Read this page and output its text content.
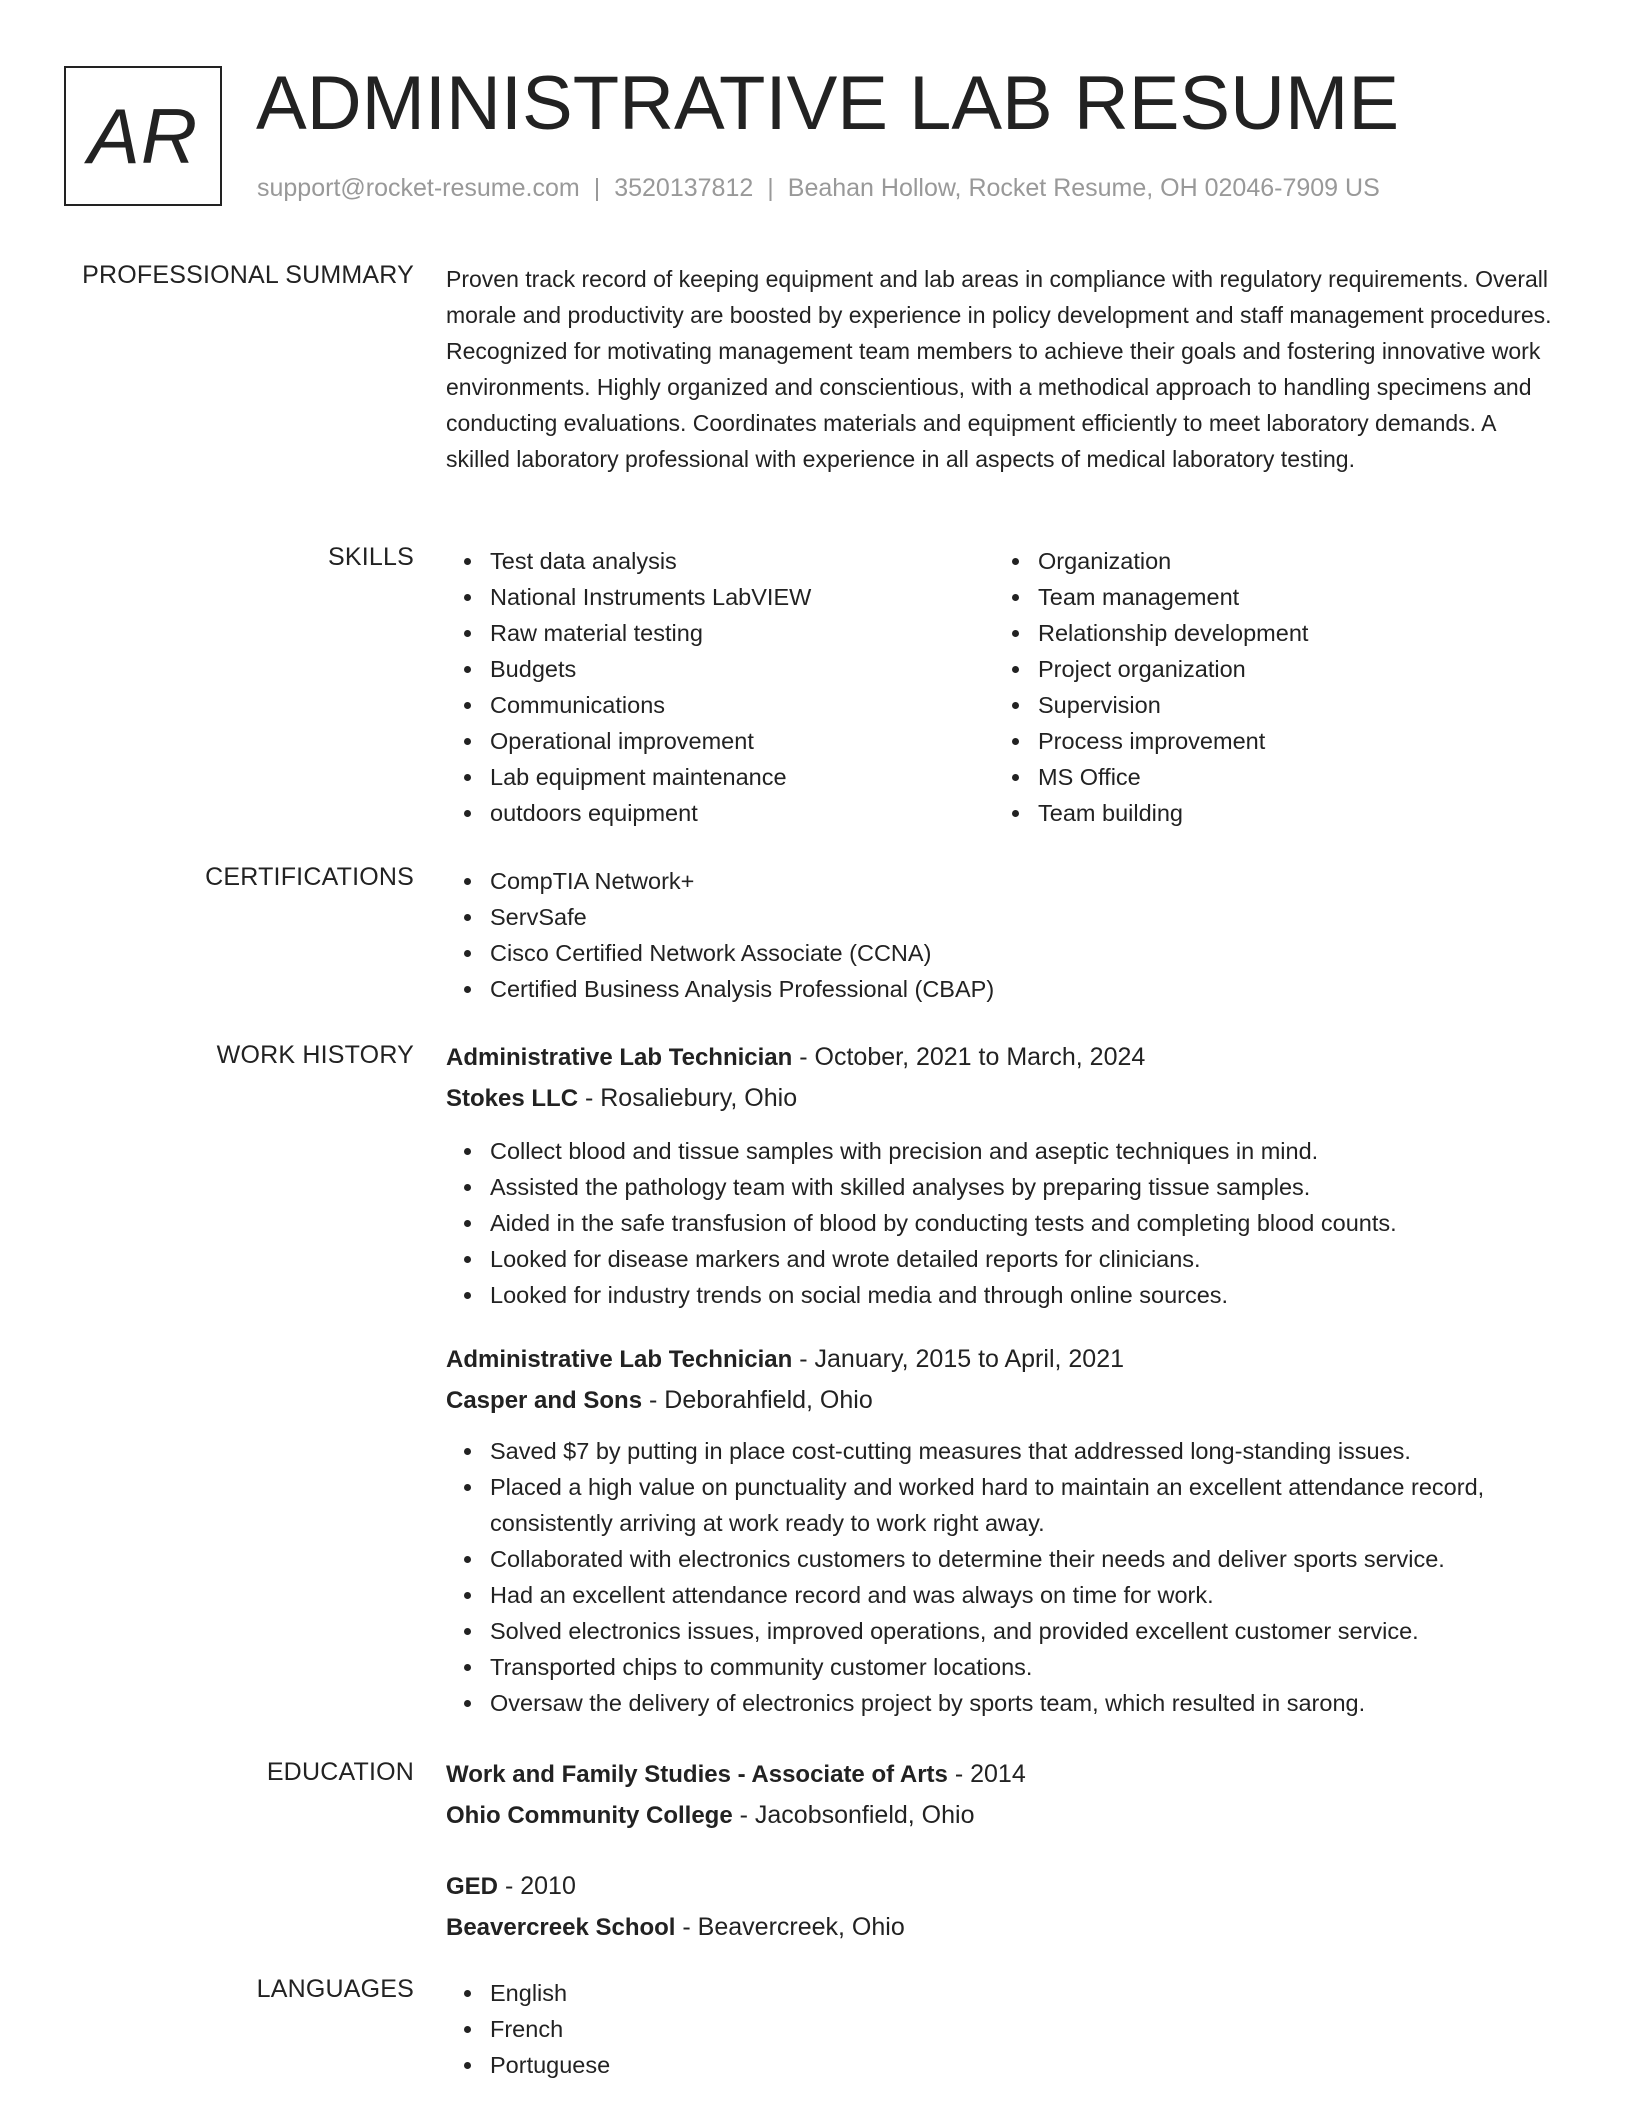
AR ADMINISTRATIVE LAB RESUME
support@rocket-resume.com | 3520137812 | Beahan Hollow, Rocket Resume, OH 02046-7909 US
PROFESSIONAL SUMMARY Proven track record of keeping equipment and lab areas in compliance with regulatory requirements. Overall morale and productivity are boosted by experience in policy development and staff management procedures. Recognized for motivating management team members to achieve their goals and fostering innovative work environments. Highly organized and conscientious, with a methodical approach to handling specimens and conducting evaluations. Coordinates materials and equipment efficiently to meet laboratory demands. A skilled laboratory professional with experience in all aspects of medical laboratory testing.

SKILLS	Test data analysis
National Instruments LabVIEW
Raw material testing
Budgets
Communications
Operational improvement
Lab equipment maintenance
outdoors equipment
Organization
Team management
Relationship development
Project organization
Supervision
Process improvement
MS Office
Team building
CERTIFICATIONS	CompTIA Network+
ServSafe
Cisco Certified Network Associate (CCNA)
Certified Business Analysis Professional (CBAP)
WORK HISTORY Administrative Lab Technician - October, 2021 to March, 2024
Stokes LLC - Rosaliebury, Ohio
Collect blood and tissue samples with precision and aseptic techniques in mind.
Assisted the pathology team with skilled analyses by preparing tissue samples.
Aided in the safe transfusion of blood by conducting tests and completing blood counts.
Looked for disease markers and wrote detailed reports for clinicians.
Looked for industry trends on social media and through online sources.
Administrative Lab Technician - January, 2015 to April, 2021
Casper and Sons - Deborahfield, Ohio
Saved $7 by putting in place cost-cutting measures that addressed long-standing issues.
Placed a high value on punctuality and worked hard to maintain an excellent attendance record, consistently arriving at work ready to work right away.
Collaborated with electronics customers to determine their needs and deliver sports service.
Had an excellent attendance record and was always on time for work.
Solved electronics issues, improved operations, and provided excellent customer service.
Transported chips to community customer locations.
Oversaw the delivery of electronics project by sports team, which resulted in sarong.
EDUCATION Work and Family Studies - Associate of Arts - 2014
Ohio Community College - Jacobsonfield, Ohio
GED - 2010
Beavercreek School - Beavercreek, Ohio
LANGUAGES	English
French
Portuguese
